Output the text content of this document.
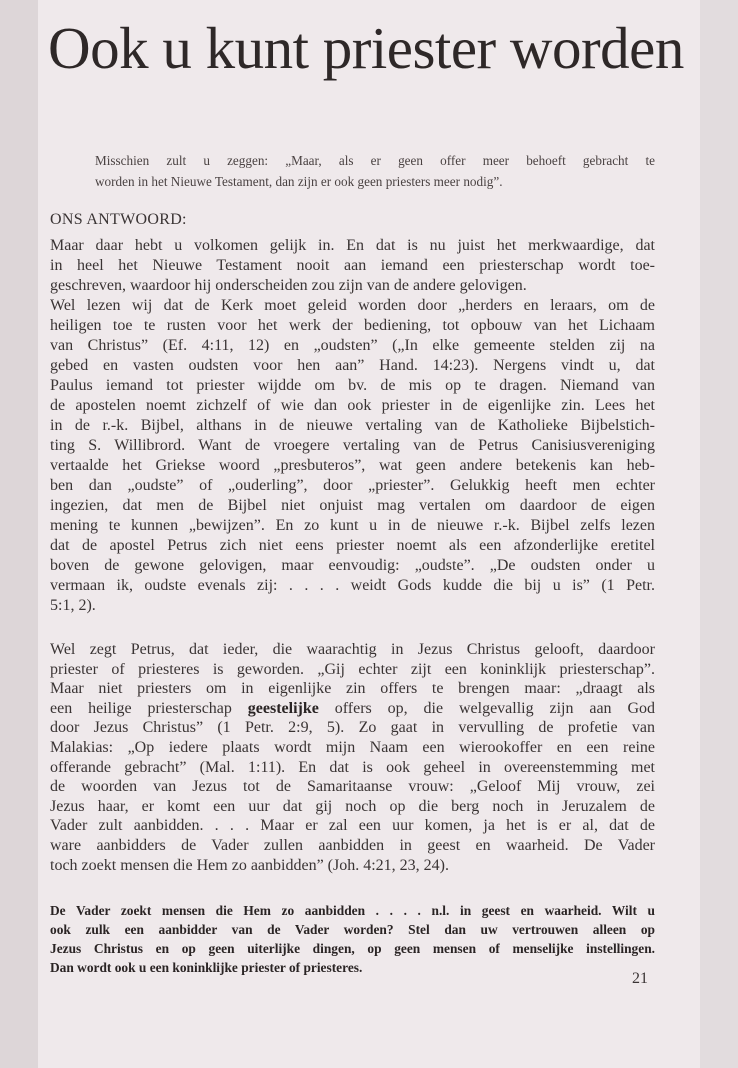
Ook u kunt priester worden
Misschien zult u zeggen: „Maar, als er geen offer meer behoeft gebracht te
worden in het Nieuwe Testament, dan zijn er ook geen priesters meer nodig”.
ONS ANTWOORD:
Maar daar hebt u volkomen gelijk in. En dat is nu juist het merkwaardige, dat
in heel het Nieuwe Testament nooit aan iemand een priesterschap wordt toe-
geschreven, waardoor hij onderscheiden zou zijn van de andere gelovigen.
Wel lezen wij dat de Kerk moet geleid worden door „herders en leraars, om de
heiligen toe te rusten voor het werk der bediening, tot opbouw van het Lichaam
van Christus” (Ef. 4:11, 12) en „oudsten” („In elke gemeente stelden zij na
gebed en vasten oudsten voor hen aan” Hand. 14:23). Nergens vindt u, dat
Paulus iemand tot priester wijdde om bv. de mis op te dragen. Niemand van
de apostelen noemt zichzelf of wie dan ook priester in de eigenlijke zin. Lees het
in de r.-k. Bijbel, althans in de nieuwe vertaling van de Katholieke Bijbelstich-
ting S. Willibrord. Want de vroegere vertaling van de Petrus Canisiusvereniging
vertaalde het Griekse woord „presbuteros”, wat geen andere betekenis kan heb-
ben dan „oudste” of „ouderling”, door „priester”. Gelukkig heeft men echter
ingezien, dat men de Bijbel niet onjuist mag vertalen om daardoor de eigen
mening te kunnen „bewijzen”. En zo kunt u in de nieuwe r.-k. Bijbel zelfs lezen
dat de apostel Petrus zich niet eens priester noemt als een afzonderlijke eretitel
boven de gewone gelovigen, maar eenvoudig: „oudste”. „De oudsten onder u
vermaan ik, oudste evenals zij: . . . . weidt Gods kudde die bij u is” (1 Petr.
5:1, 2).
Wel zegt Petrus, dat ieder, die waarachtig in Jezus Christus gelooft, daardoor
priester of priesteres is geworden. „Gij echter zijt een koninklijk priesterschap”.
Maar niet priesters om in eigenlijke zin offers te brengen maar: „draagt als
een heilige priesterschap geestelijke offers op, die welgevallig zijn aan God
door Jezus Christus” (1 Petr. 2:9, 5). Zo gaat in vervulling de profetie van
Malakias: „Op iedere plaats wordt mijn Naam een wierookoffer en een reine
offerande gebracht” (Mal. 1:11). En dat is ook geheel in overeenstemming met
de woorden van Jezus tot de Samaritaanse vrouw: „Geloof Mij vrouw, zei
Jezus haar, er komt een uur dat gij noch op die berg noch in Jeruzalem de
Vader zult aanbidden. . . . Maar er zal een uur komen, ja het is er al, dat de
ware aanbidders de Vader zullen aanbidden in geest en waarheid. De Vader
toch zoekt mensen die Hem zo aanbidden” (Joh. 4:21, 23, 24).
De Vader zoekt mensen die Hem zo aanbidden . . . . n.l. in geest en waarheid. Wilt u
ook zulk een aanbidder van de Vader worden? Stel dan uw vertrouwen alleen op
Jezus Christus en op geen uiterlijke dingen, op geen mensen of menselijke instellingen.
Dan wordt ook u een koninklijke priester of priesteres.
21
